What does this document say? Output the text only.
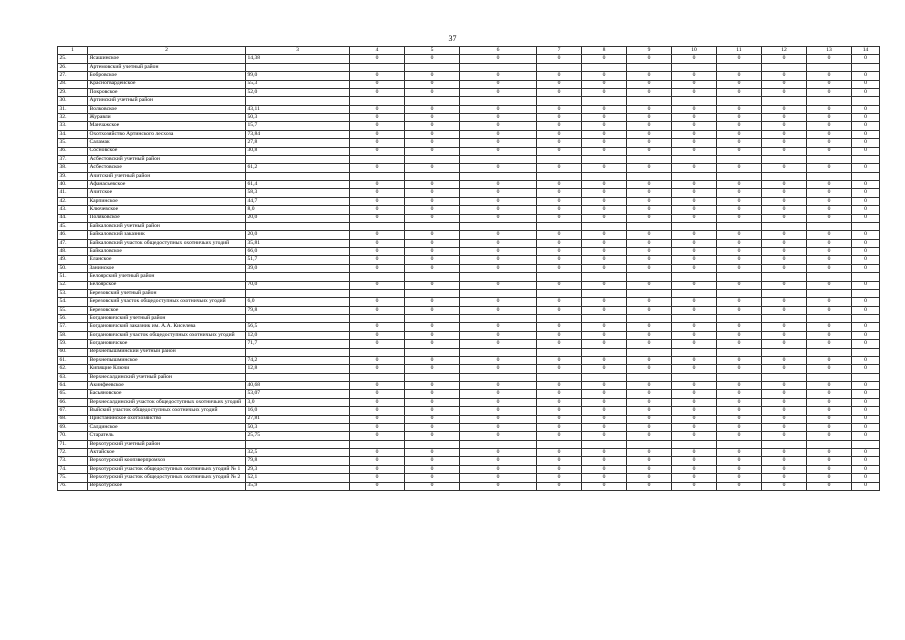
37
1	2	3	4	5	6	7	8	9	10	11	12	13	14
25.	Ясашинское	14,38	0	0	0	0	0	0	0	0	0	0	0
26.	Артемовский учетный район												
27.	Бобровское	99,0	0	0	0	0	0	0	0	0	0	0	0
28.	Красногвардейское	55,3	0	0	0	0	0	0	0	0	0	0	0
29.	Покровское	52,0	0	0	0	0	0	0	0	0	0	0	0
30.	Артинский учетный район												
31.	Волковское	43,11	0	0	0	0	0	0	0	0	0	0	0
32.	Журавли	50,3	0	0	0	0	0	0	0	0	0	0	0
33.	Манчажское	15,7	0	0	0	0	0	0	0	0	0	0	0
34.	Охотхозяйство Артинского лесхоза	73,84	0	0	0	0	0	0	0	0	0	0	0
35.	Саламак	27,8	0	0	0	0	0	0	0	0	0	0	0
36.	Сосновское	30,8	0	0	0	0	0	0	0	0	0	0	0
37.	Асбестовский учетный район												
38.	Асбестовское	61,2	0	0	0	0	0	0	0	0	0	0	0
39.	Ачитский учетный район												
40.	Афанасьевское	61,4	0	0	0	0	0	0	0	0	0	0	0
41.	Ачитское	58,3	0	0	0	0	0	0	0	0	0	0	0
42.	Карпинское	44,7	0	0	0	0	0	0	0	0	0	0	0
43.	Ключевское	8,0	0	0	0	0	0	0	0	0	0	0	0
44.	Поляковское	20,0	0	0	0	0	0	0	0	0	0	0	0
45.	Байкаловский учетный район												
46.	Байкаловский заказник	20,0	0	0	0	0	0	0	0	0	0	0	0
47.	Байкаловский участок общедоступных охотничьих угодий	35,81	0	0	0	0	0	0	0	0	0	0	0
48.	Байкаловское	66,0	0	0	0	0	0	0	0	0	0	0	0
49.	Еланское	51,7	0	0	0	0	0	0	0	0	0	0	0
50.	Занинское	39,0	0	0	0	0	0	0	0	0	0	0	0
51.	Белоярский учетный район												
52.	Белоярское	70,0	0	0	0	0	0	0	0	0	0	0	0
53.	Березовский учетный район												
54.	Березовский участок общедоступных охотничьих угодий	6,0	0	0	0	0	0	0	0	0	0	0	0
55.	Березовское	79,8	0	0	0	0	0	0	0	0	0	0	0
56.	Богдановичский учетный район												
57.	Богдановичский заказник им. А.А. Киселева	56,5	0	0	0	0	0	0	0	0	0	0	0
58.	Богдановичский участок общедоступных охотничьих угодий	12,0	0	0	0	0	0	0	0	0	0	0	0
59.	Богдановичское	71,7	0	0	0	0	0	0	0	0	0	0	0
60.	Верхнепышминский учетный район												
61.	Верхнепышминское	74,2	0	0	0	0	0	0	0	0	0	0	0
62.	Кипящие Ключи	12,8	0	0	0	0	0	0	0	0	0	0	0
63.	Верхнесалдинский учетный район												
64.	Акинфеевское	40,68	0	0	0	0	0	0	0	0	0	0	0
65.	Басьяновское	53,07	0	0	0	0	0	0	0	0	0	0	0
66.	Верхнесалдинский участок общедоступных охотничьих угодий	3,0	0	0	0	0	0	0	0	0	0	0	0
67.	Выйский участок общедоступных охотничьих угодий	16,0	0	0	0	0	0	0	0	0	0	0	0
68.	Пристанинское охотхозяйство	27,81	0	0	0	0	0	0	0	0	0	0	0
69.	Салдинское	50,3	0	0	0	0	0	0	0	0	0	0	0
70.	Старатель	25,75	0	0	0	0	0	0	0	0	0	0	0
71.	Верхотурский учетный район												
72.	Актайское	32,5	0	0	0	0	0	0	0	0	0	0	0
73.	Верхотурский коопзверпромхоз	79,8	0	0	0	0	0	0	0	0	0	0	0
74.	Верхотурский участок общедоступных охотничьих угодий № 1	29,3	0	0	0	0	0	0	0	0	0	0	0
75.	Верхотурский участок общедоступных охотничьих угодий № 2	52,1	0	0	0	0	0	0	0	0	0	0	0
76.	Верхотурское	35,9	0	0	0	0	0	0	0	0	0	0	0
